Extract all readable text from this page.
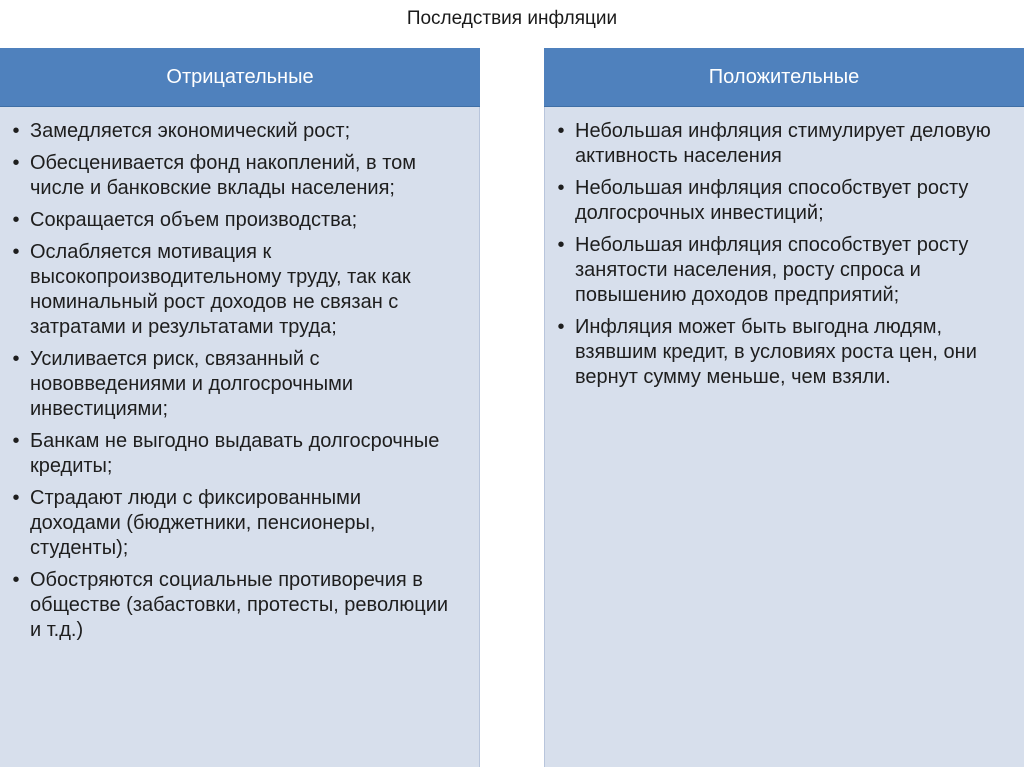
Последствия инфляции
Отрицательные
• Замедляется экономический рост;
• Обесценивается фонд накоплений, в том числе и банковские вклады населения;
• Сокращается объем производства;
• Ослабляется мотивация к высокопроизводительному труду, так как номинальный рост доходов не связан с затратами и результатами труда;
• Усиливается риск, связанный с нововведениями и долгосрочными инвестициями;
• Банкам не выгодно выдавать долгосрочные кредиты;
• Страдают люди с фиксированными доходами (бюджетники, пенсионеры, студенты);
• Обостряются социальные противоречия в обществе (забастовки, протесты, революции и т.д.)
Положительные
• Небольшая инфляция стимулирует деловую активность населения
• Небольшая инфляция способствует росту долгосрочных инвестиций;
• Небольшая инфляция способствует росту занятости населения, росту спроса и повышению доходов предприятий;
• Инфляция может быть выгодна людям, взявшим кредит, в условиях роста цен, они вернут сумму меньше, чем взяли.
